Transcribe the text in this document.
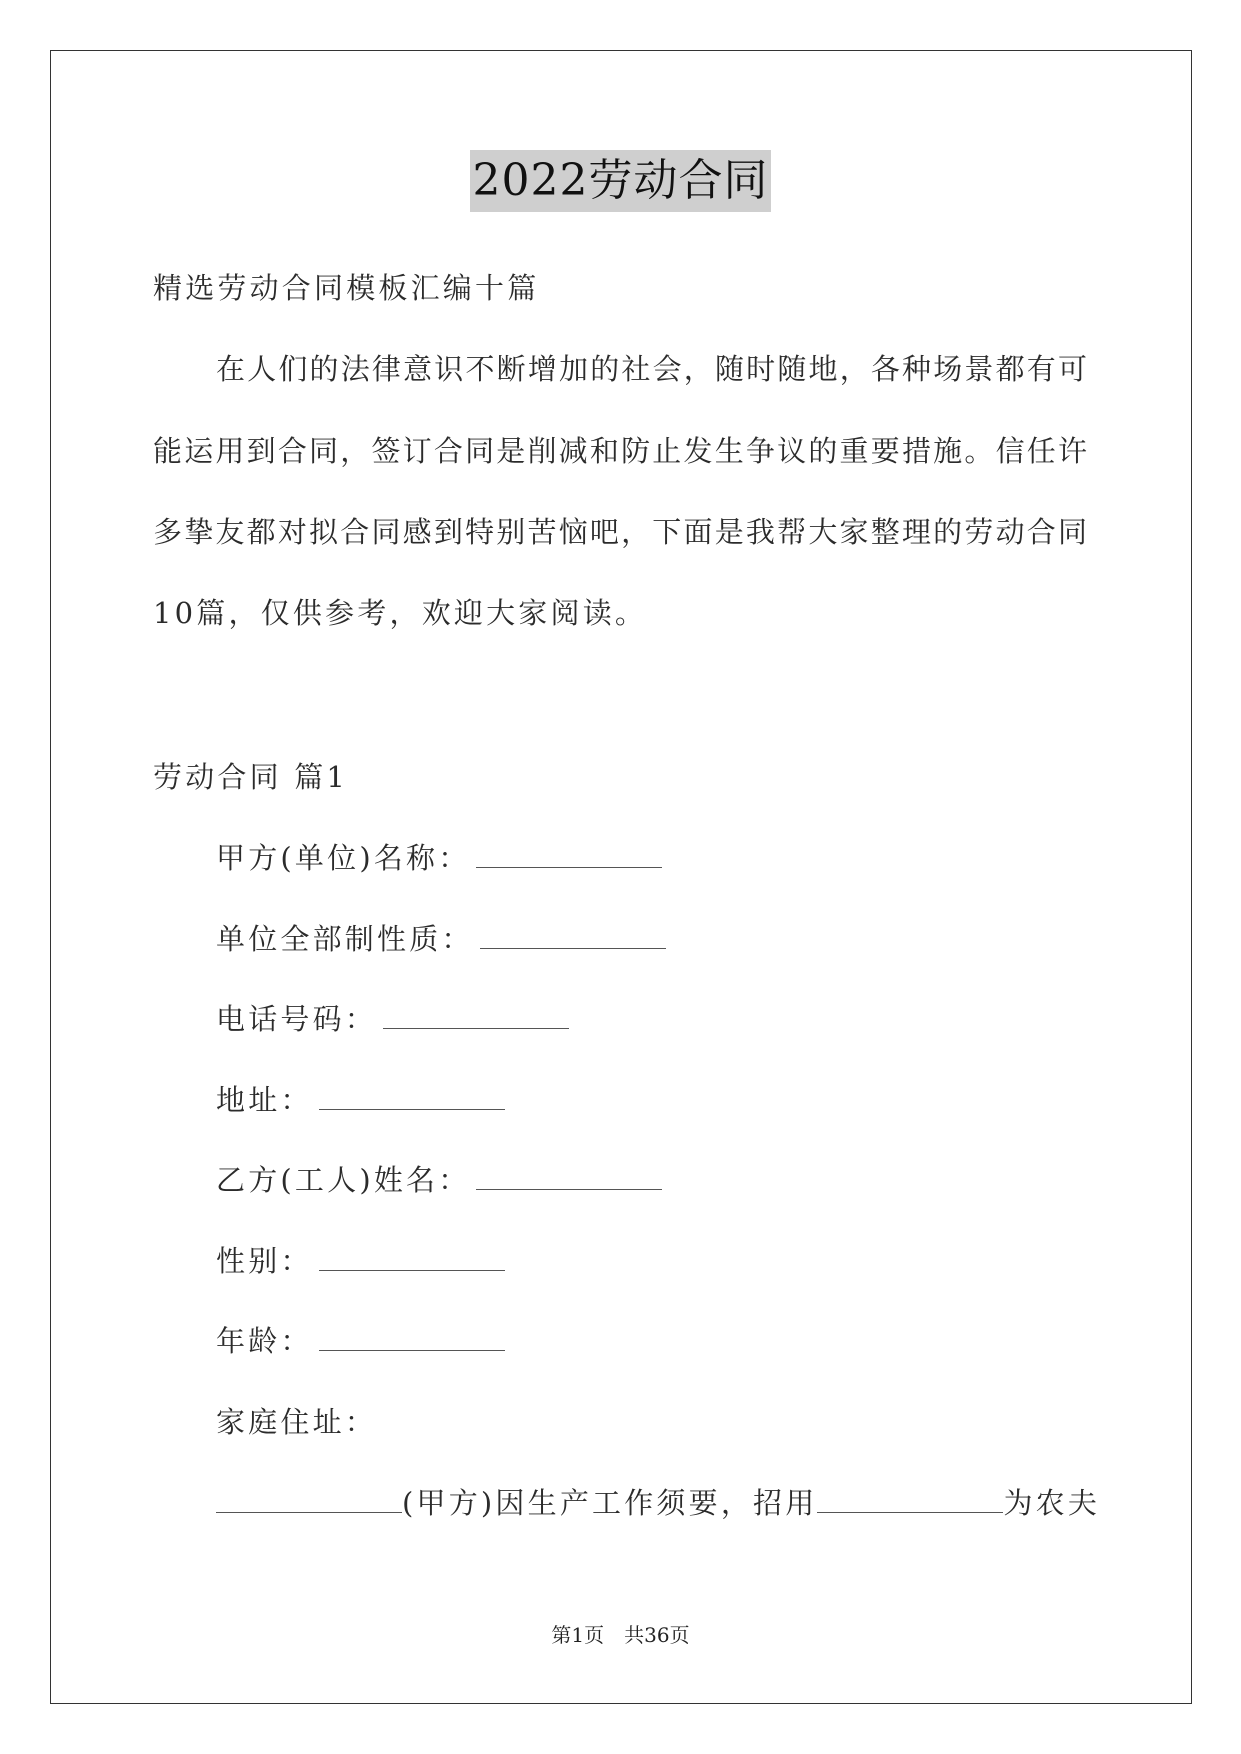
2022劳动合同
精选劳动合同模板汇编十篇
在人们的法律意识不断增加的社会，随时随地，各种场景都有可
能运用到合同，签订合同是削减和防止发生争议的重要措施。信任许
多挚友都对拟合同感到特别苦恼吧，下面是我帮大家整理的劳动合同
10篇，仅供参考，欢迎大家阅读。
劳动合同 篇1
甲方(单位)名称：
单位全部制性质：
电话号码：
地址：
乙方(工人)姓名：
性别：
年龄：
家庭住址：
(甲方)因生产工作须要，招用	为农夫
第1页　共36页
